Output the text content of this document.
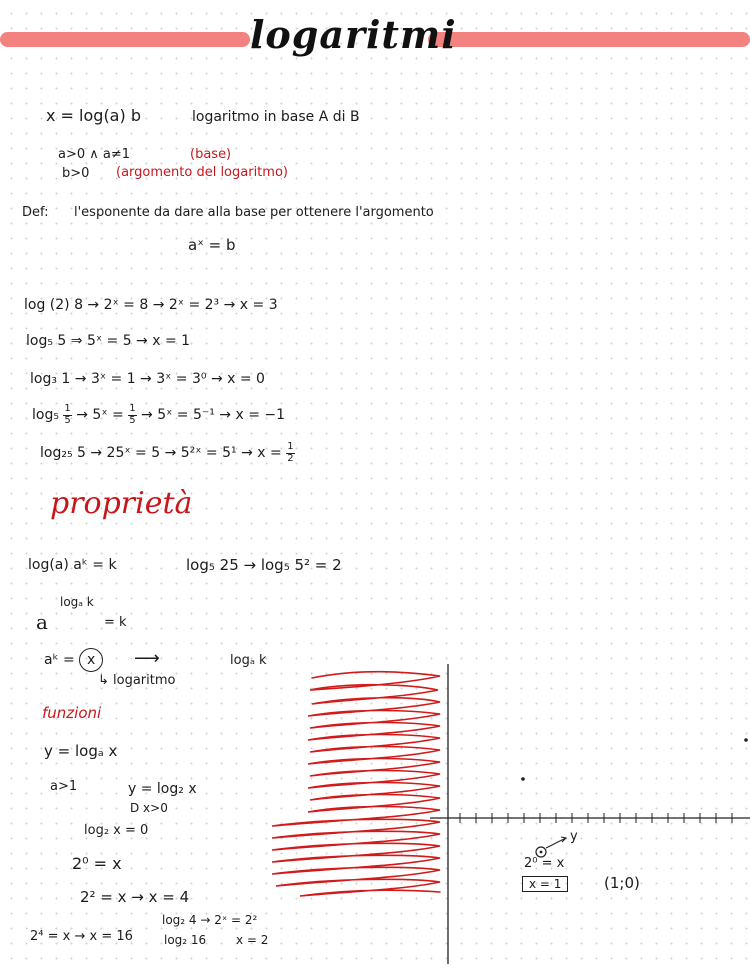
logaritmi
x = log(a) b	logaritmo in base A di B
a>0 ∧ a≠1	(base)
b>0 (argomento del logaritmo)
Def: l'esponente da dare alla base per ottenere l'argomento
aˣ = b
log (2) 8 → 2ˣ = 8 → 2ˣ = 2³ → x = 3
log₅ 5 ⇒ 5ˣ = 5 → x = 1
log₃ 1 → 3ˣ = 1 → 3ˣ = 3⁰ → x = 0
$\log_5 \frac{1}{5}$ → 5ˣ = $\frac{1}{5}$ → 5ˣ = 5⁻¹ → x = −1
log₂₅ 5 → 25ˣ = 5 → 5²ˣ = $5^1 \to x = \frac{1}{2}$
proprietà
log(a) aᵏ = k	log₅ 25 → log₅ 5² = 2
logₐ k
a	= k
aᵏ = x	⟶	logₐ k
↳ logaritmo
funzioni
y = logₐ x
a>1	y = log₂ x
D x>0
log₂ x = 0
2⁰ = x
2² = x → x = 4
2⁴ = x → x = 16
log₂ 4 → 2ˣ = 2²
log₂ 16 x = 2
2⁰ = x
y
x = 1	(1;0)
